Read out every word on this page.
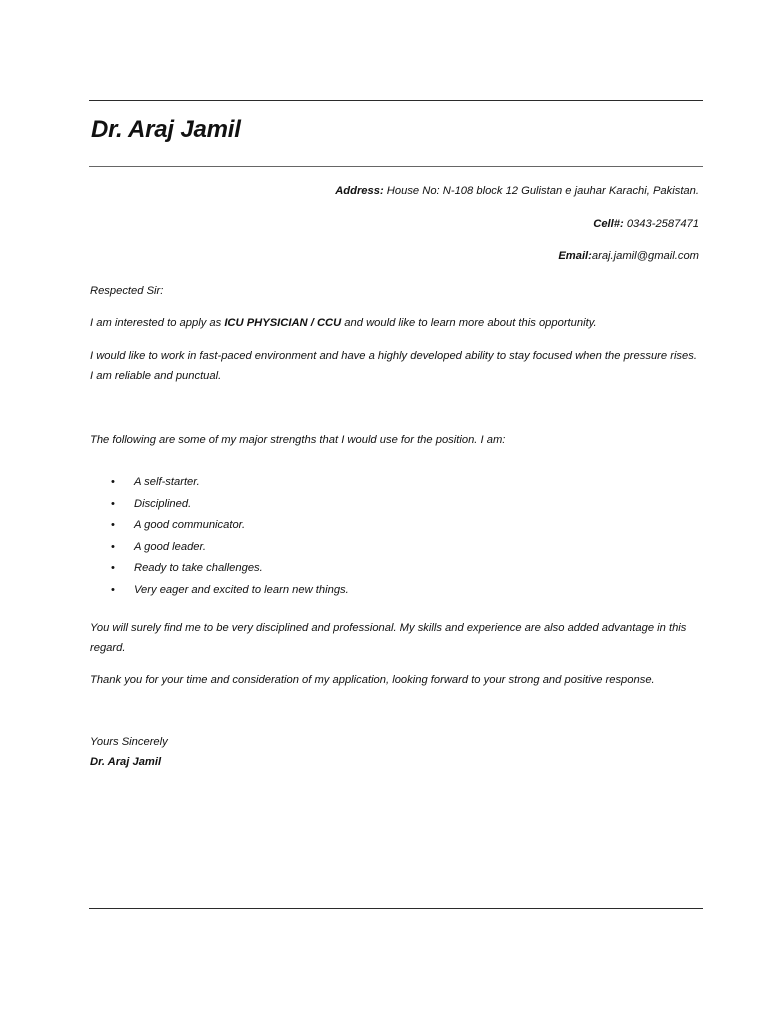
Dr. Araj Jamil
Address: House No: N-108 block 12 Gulistan e jauhar Karachi, Pakistan.
Cell#: 0343-2587471
Email:araj.jamil@gmail.com

Respected Sir:

I am interested to apply as ICU PHYSICIAN / CCU and would like to learn more about this opportunity.

I would like to work in fast-paced environment and have a highly developed ability to stay focused when the pressure rises. I am reliable and punctual.

The following are some of my major strengths that I would use for the position. I am:

• A self-starter.
• Disciplined.
• A good communicator.
• A good leader.
• Ready to take challenges.
• Very eager and excited to learn new things.

You will surely find me to be very disciplined and professional. My skills and experience are also added advantage in this regard.

Thank you for your time and consideration of my application, looking forward to your strong and positive response.

Yours Sincerely
Dr. Araj Jamil
